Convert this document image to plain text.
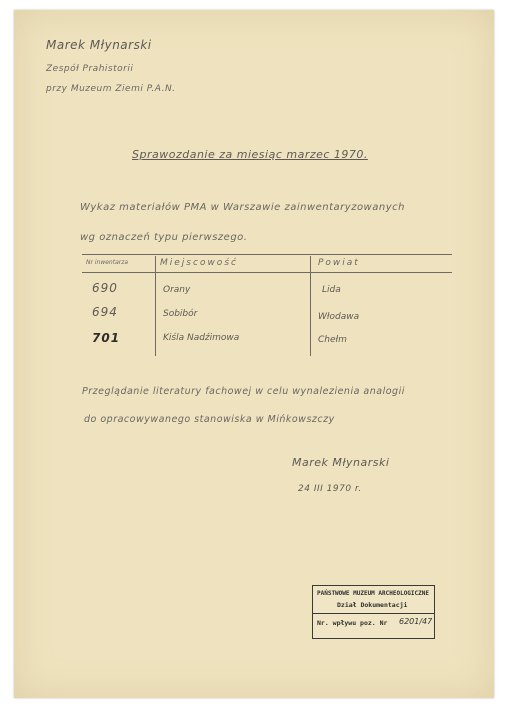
Marek Młynarski
Zespół Prahistorii
przy Muzeum Ziemi P.A.N.
Sprawozdanie za miesiąc marzec 1970.
Wykaz materiałów PMA w Warszawie zainwentaryzowanych
wg oznaczeń typu pierwszego.
Nr inwentarza	Miejscowość	Powiat
690	Orany	Lida
694	Sobibór	Włodawa
701	Kiśla Nadźimowa	Chełm
Przeglądanie literatury fachowej w celu wynalezienia analogii
do opracowywanego stanowiska w Mińkowszczy
Marek Młynarski
24 III 1970 r.
PAŃSTWOWE MUZEUM ARCHEOLOGICZNE
Dział Dokumentacji
Nr. wpływu poz. Nr 6201/47
